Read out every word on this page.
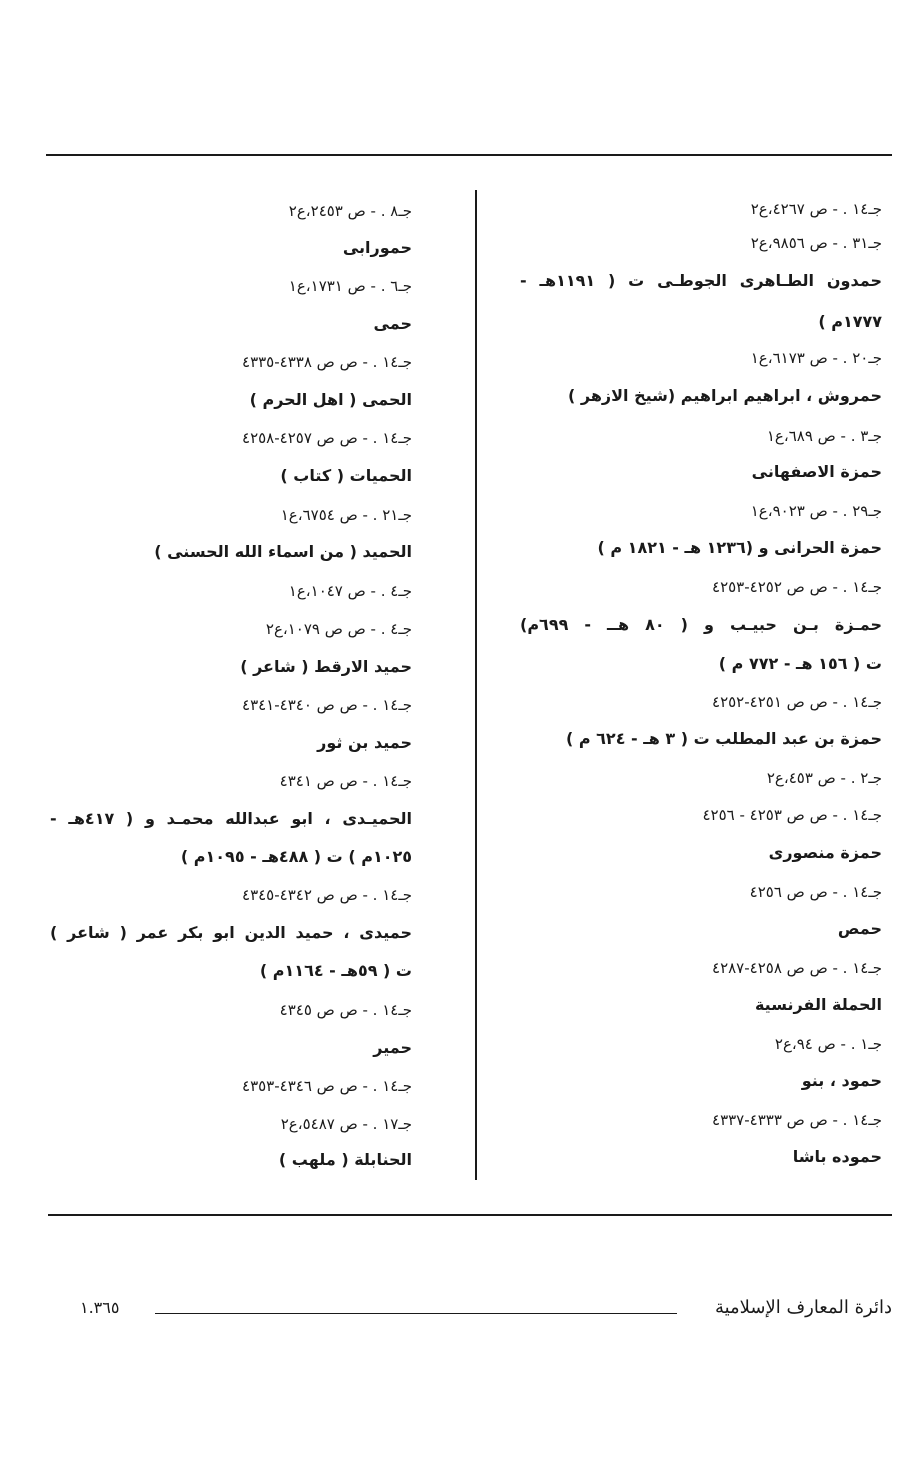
جـ١٤ . - ص ٤٢٦٧،ع٢
جـ٣١ . - ص ٩٨٥٦،ع٢
حمدون الطـاهرى الجوطـى ت ( ١١٩١هـ -
١٧٧٧م )
جـ٢٠ . - ص ٦١٧٣،ع١
حمروش ، ابراهيم ابراهيم (شيخ الازهر )
جـ٣ . - ص ٦٨٩،ع١
حمزة الاصفهانى
جـ٢٩ . - ص ٩٠٢٣،ع١
حمزة الحرانى و (١٢٣٦ هـ - ١٨٢١ م )
جـ١٤ . - ص ص ٤٢٥٢-٤٢٥٣
حمـزة بـن حبيـب و ( ٨٠ هــ - ٦٩٩م)
ت ( ١٥٦ هـ - ٧٧٢ م )
جـ١٤ . - ص ص ٤٢٥١-٤٢٥٢
حمزة بن عبد المطلب ت ( ٣ هـ - ٦٢٤ م )
جـ٢ . - ص ٤٥٣،ع٢
جـ١٤ . - ص ص ٤٢٥٣ - ٤٢٥٦
حمزة منصورى
جـ١٤ . - ص ص ٤٢٥٦
حمص
جـ١٤ . - ص ص ٤٢٥٨-٤٢٨٧
الحملة الفرنسية
جـ١ . - ص ٩٤،ع٢
حمود ، بنو
جـ١٤ . - ص ص ٤٣٣٣-٤٣٣٧
حموده باشا
جـ٨ . - ص ٢٤٥٣،ع٢
حمورابى
جـ٦ . - ص ١٧٣١،ع١
حمى
جـ١٤ . - ص ص ٤٣٣٨-٤٣٣٥
الحمى ( اهل الحرم )
جـ١٤ . - ص ص ٤٢٥٧-٤٢٥٨
الحميات ( كتاب )
جـ٢١ . - ص ٦٧٥٤،ع١
الحميد ( من اسماء الله الحسنى )
جـ٤ . - ص ١٠٤٧،ع١
جـ٤ . - ص ص ١٠٧٩،ع٢
حميد الارقط ( شاعر )
جـ١٤ . - ص ص ٤٣٤٠-٤٣٤١
حميد بن ثور
جـ١٤ . - ص ص ٤٣٤١
الحميـدى ، ابو عبدالله محمـد و ( ٤١٧هـ -
١٠٢٥م ) ت ( ٤٨٨هـ - ١٠٩٥م )
جـ١٤ . - ص ص ٤٣٤٢-٤٣٤٥
حميدى ، حميد الدين ابو بكر عمر ( شاعر )
ت ( ٥٩هـ - ١١٦٤م )
جـ١٤ . - ص ص ٤٣٤٥
حمير
جـ١٤ . - ص ص ٤٣٤٦-٤٣٥٣
جـ١٧ . - ص ٥٤٨٧،ع٢
الحنابلة ( ملهب )
دائرة المعارف الإسلامية
١.٣٦٥
